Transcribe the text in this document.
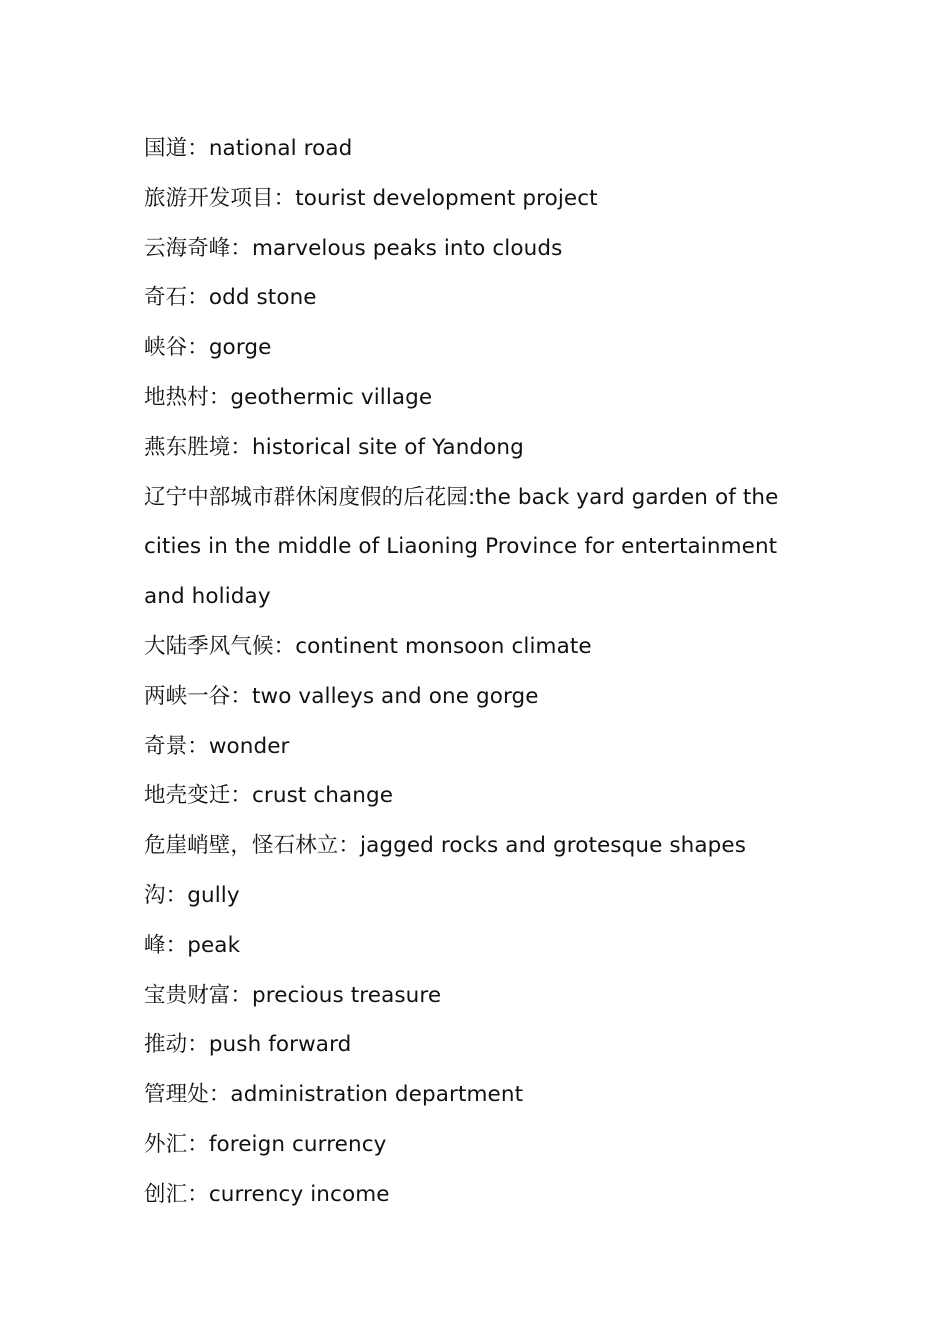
国道：national road
旅游开发项目：tourist development project
云海奇峰：marvelous peaks into clouds
奇石：odd stone
峡谷：gorge
地热村：geothermic village
燕东胜境：historical site of Yandong
辽宁中部城市群休闲度假的后花园:the back yard garden of the cities in the middle of Liaoning Province for entertainment and holiday
大陆季风气候：continent monsoon climate
两峡一谷：two valleys and one gorge
奇景：wonder
地壳变迁：crust change
危崖峭壁，怪石林立：jagged rocks and grotesque shapes
沟：gully
峰：peak
宝贵财富：precious treasure
推动：push forward
管理处：administration department
外汇：foreign currency
创汇：currency income
